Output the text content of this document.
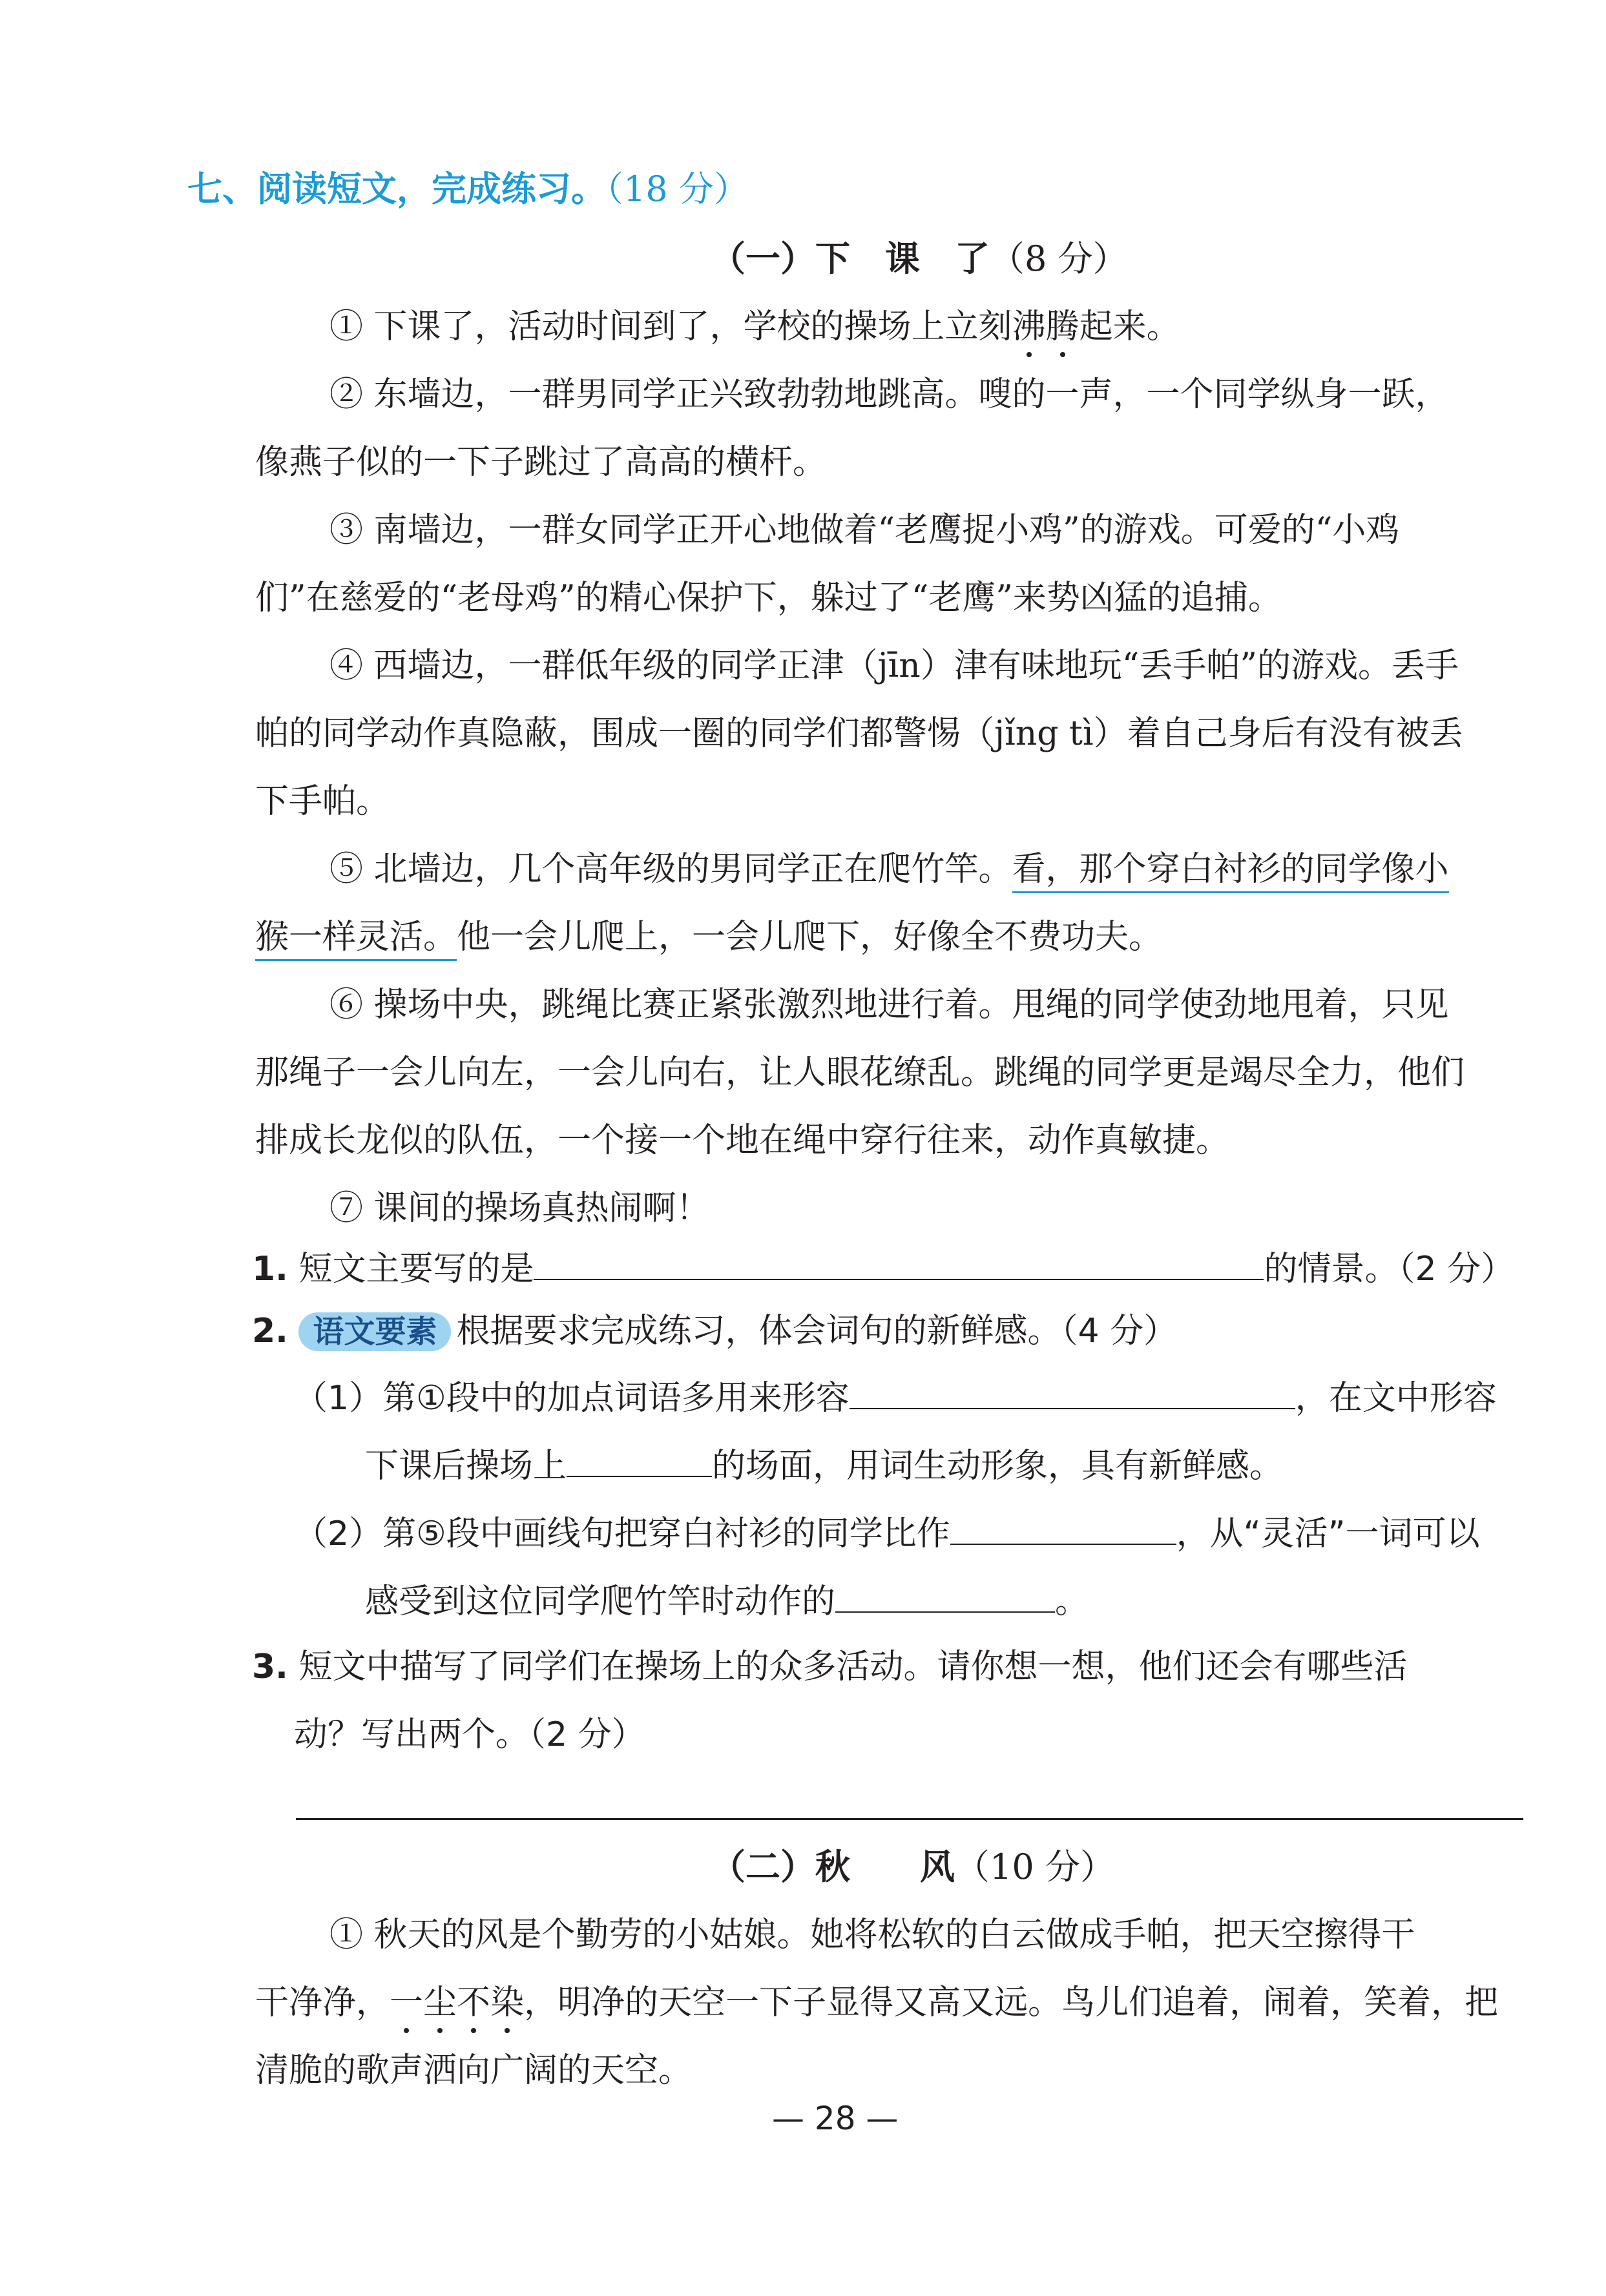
七、阅读短文，完成练习。（18 分）
（一）下　课　了（8 分）
① 下课了，活动时间到了，学校的操场上立刻沸腾起来。
② 东墙边，一群男同学正兴致勃勃地跳高。嗖的一声，一个同学纵身一跃，
像燕子似的一下子跳过了高高的横杆。
③ 南墙边，一群女同学正开心地做着“老鹰捉小鸡”的游戏。可爱的“小鸡
们”在慈爱的“老母鸡”的精心保护下，躲过了“老鹰”来势凶猛的追捕。
④ 西墙边，一群低年级的同学正津（jīn）津有味地玩“丢手帕”的游戏。丢手
帕的同学动作真隐蔽，围成一圈的同学们都警惕（jǐng tì）着自己身后有没有被丢
下手帕。
⑤ 北墙边，几个高年级的男同学正在爬竹竿。看，那个穿白衬衫的同学像小
猴一样灵活。他一会儿爬上，一会儿爬下，好像全不费功夫。
⑥ 操场中央，跳绳比赛正紧张激烈地进行着。甩绳的同学使劲地甩着，只见
那绳子一会儿向左，一会儿向右，让人眼花缭乱。跳绳的同学更是竭尽全力，他们
排成长龙似的队伍，一个接一个地在绳中穿行往来，动作真敏捷。
⑦ 课间的操场真热闹啊！
1. 短文主要写的是	的情景。（2 分）
2. 语文要素 根据要求完成练习，体会词句的新鲜感。（4 分）
（1）第①段中的加点词语多用来形容	，在文中形容
下课后操场上	的场面，用词生动形象，具有新鲜感。
（2）第⑤段中画线句把穿白衬衫的同学比作	，从“灵活”一词可以
感受到这位同学爬竹竿时动作的	。
3. 短文中描写了同学们在操场上的众多活动。请你想一想，他们还会有哪些活
动？写出两个。（2 分）
（二）秋　　风（10 分）
① 秋天的风是个勤劳的小姑娘。她将松软的白云做成手帕，把天空擦得干
干净净，一尘不染，明净的天空一下子显得又高又远。鸟儿们追着，闹着，笑着，把
清脆的歌声洒向广阔的天空。
— 28 —
